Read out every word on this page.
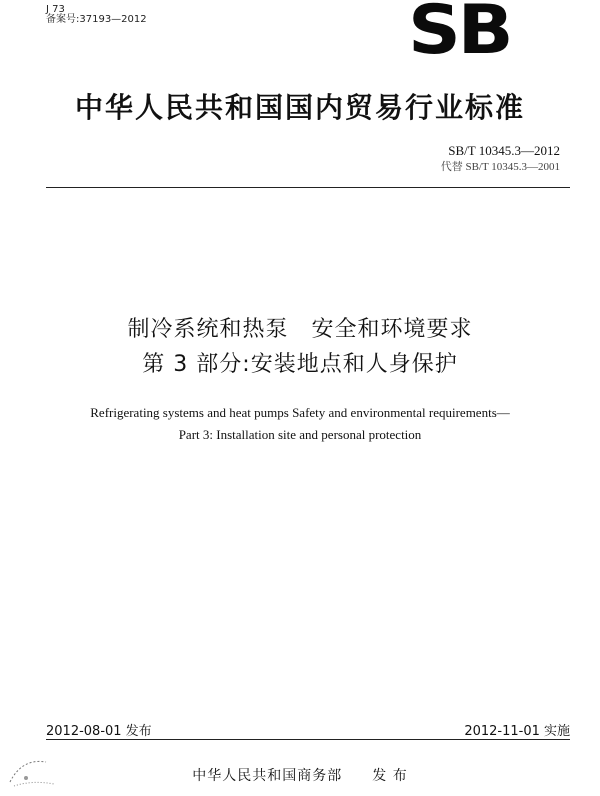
J 73
备案号:37193—2012	SB
中华人民共和国国内贸易行业标准
SB/T 10345.3—2012
代替 SB/T 10345.3—2001
制冷系统和热泵　安全和环境要求
第 3 部分:安装地点和人身保护
Refrigerating systems and heat pumps Safety and environmental requirements—
Part 3: Installation site and personal protection
2012-08-01 发布	2012-11-01 实施
中华人民共和国商务部　　发 布
